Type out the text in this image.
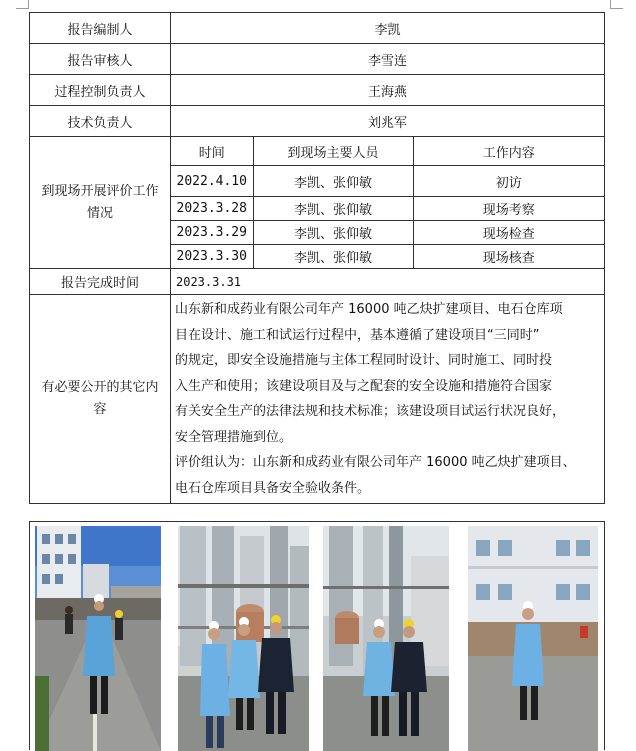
报告编制人	李凯
报告审核人	李雪连
过程控制负责人	王海燕
技术负责人	刘兆军
到现场开展评价工作情况	
时间	到现场主要人员	工作内容
2022.4.10	李凯、张仰敏	初访
2023.3.28	李凯、张仰敏	现场考察
2023.3.29	李凯、张仰敏	现场检查
2023.3.30	李凯、张仰敏	现场核查

报告完成时间	2023.3.31
有必要公开的其它内容	
山东新和成药业有限公司年产 16000 吨乙炔扩建项目、电石仓库项
目在设计、施工和试运行过程中，基本遵循了建设项目“三同时”
的规定，即安全设施措施与主体工程同时设计、同时施工、同时投
入生产和使用；该建设项目及与之配套的安全设施和措施符合国家
有关安全生产的法律法规和技术标准；该建设项目试运行状况良好，
安全管理措施到位。
评价组认为：山东新和成药业有限公司年产 16000 吨乙炔扩建项目、
电石仓库项目具备安全验收条件。
